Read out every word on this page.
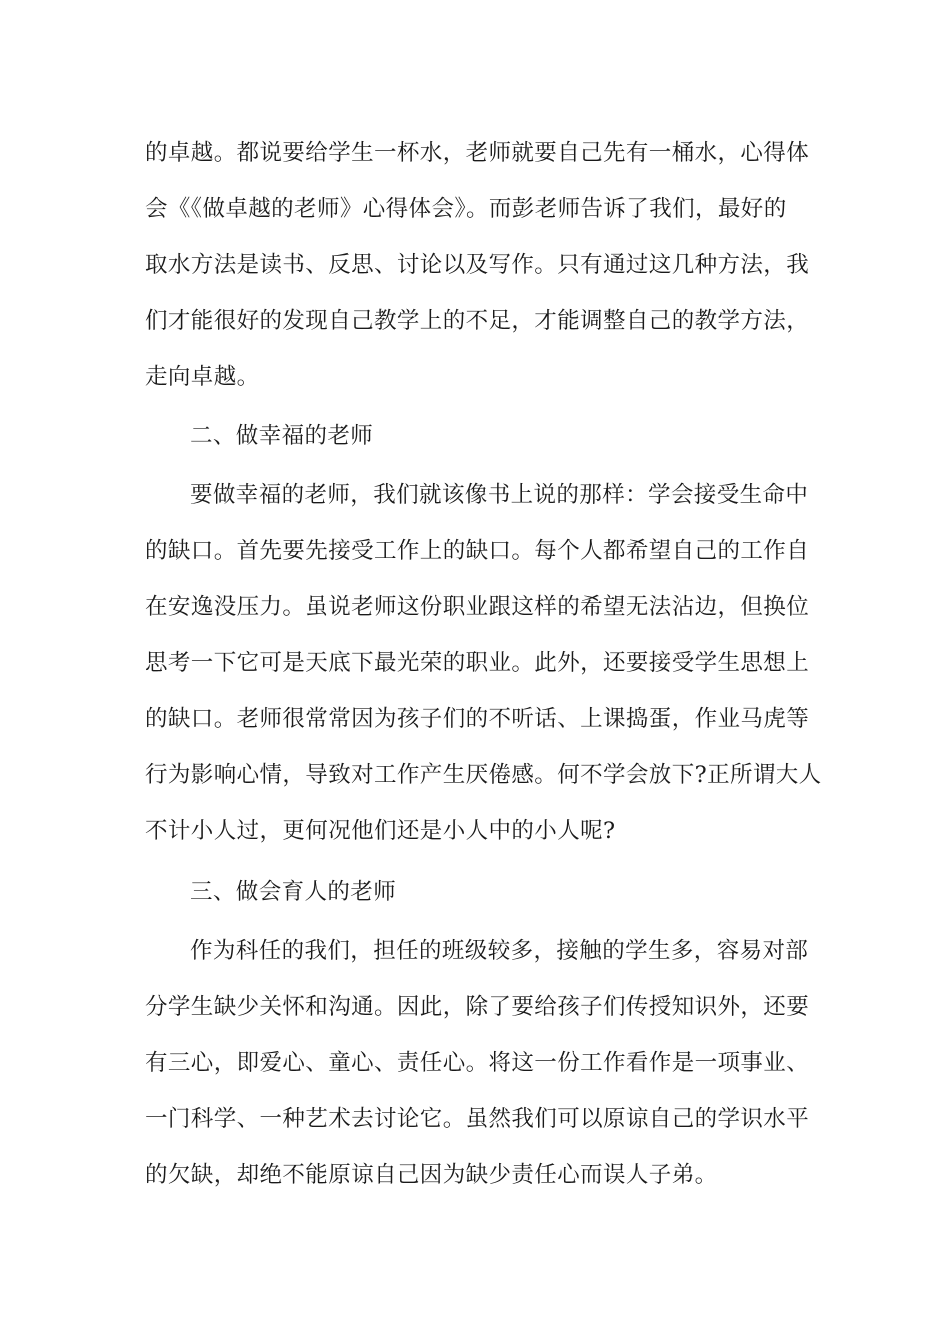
的卓越。都说要给学生一杯水，老师就要自己先有一桶水，心得体
会《《做卓越的老师》心得体会》。而彭老师告诉了我们，最好的
取水方法是读书、反思、讨论以及写作。只有通过这几种方法，我
们才能很好的发现自己教学上的不足，才能调整自己的教学方法，
走向卓越。
二、做幸福的老师
要做幸福的老师，我们就该像书上说的那样：学会接受生命中
的缺口。首先要先接受工作上的缺口。每个人都希望自己的工作自
在安逸没压力。虽说老师这份职业跟这样的希望无法沾边，但换位
思考一下它可是天底下最光荣的职业。此外，还要接受学生思想上
的缺口。老师很常常因为孩子们的不听话、上课捣蛋，作业马虎等
行为影响心情，导致对工作产生厌倦感。何不学会放下?正所谓大人
不计小人过，更何况他们还是小人中的小人呢?
三、做会育人的老师
作为科任的我们，担任的班级较多，接触的学生多，容易对部
分学生缺少关怀和沟通。因此，除了要给孩子们传授知识外，还要
有三心，即爱心、童心、责任心。将这一份工作看作是一项事业、
一门科学、一种艺术去讨论它。虽然我们可以原谅自己的学识水平
的欠缺，却绝不能原谅自己因为缺少责任心而误人子弟。
